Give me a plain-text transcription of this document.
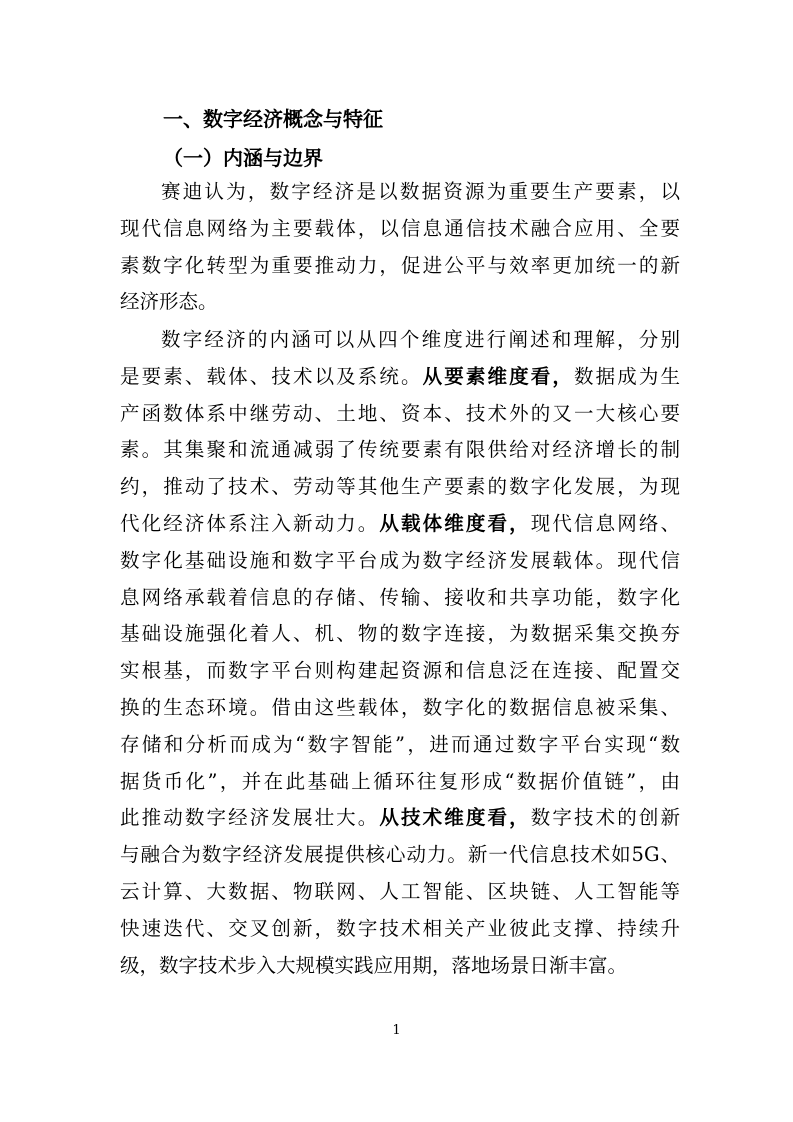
一、数字经济概念与特征
（一）内涵与边界
赛迪认为，数字经济是以数据资源为重要生产要素，以
现代信息网络为主要载体，以信息通信技术融合应用、全要
素数字化转型为重要推动力，促进公平与效率更加统一的新
经济形态。
数字经济的内涵可以从四个维度进行阐述和理解，分别
是要素、载体、技术以及系统。从要素维度看，数据成为生
产函数体系中继劳动、土地、资本、技术外的又一大核心要
素。其集聚和流通减弱了传统要素有限供给对经济增长的制
约，推动了技术、劳动等其他生产要素的数字化发展，为现
代化经济体系注入新动力。从载体维度看，现代信息网络、
数字化基础设施和数字平台成为数字经济发展载体。现代信
息网络承载着信息的存储、传输、接收和共享功能，数字化
基础设施强化着人、机、物的数字连接，为数据采集交换夯
实根基，而数字平台则构建起资源和信息泛在连接、配置交
换的生态环境。借由这些载体，数字化的数据信息被采集、
存储和分析而成为“数字智能”，进而通过数字平台实现“数
据货币化”，并在此基础上循环往复形成“数据价值链”，由
此推动数字经济发展壮大。从技术维度看，数字技术的创新
与融合为数字经济发展提供核心动力。新一代信息技术如5G、
云计算、大数据、物联网、人工智能、区块链、人工智能等
快速迭代、交叉创新，数字技术相关产业彼此支撑、持续升
级，数字技术步入大规模实践应用期，落地场景日渐丰富。
1
